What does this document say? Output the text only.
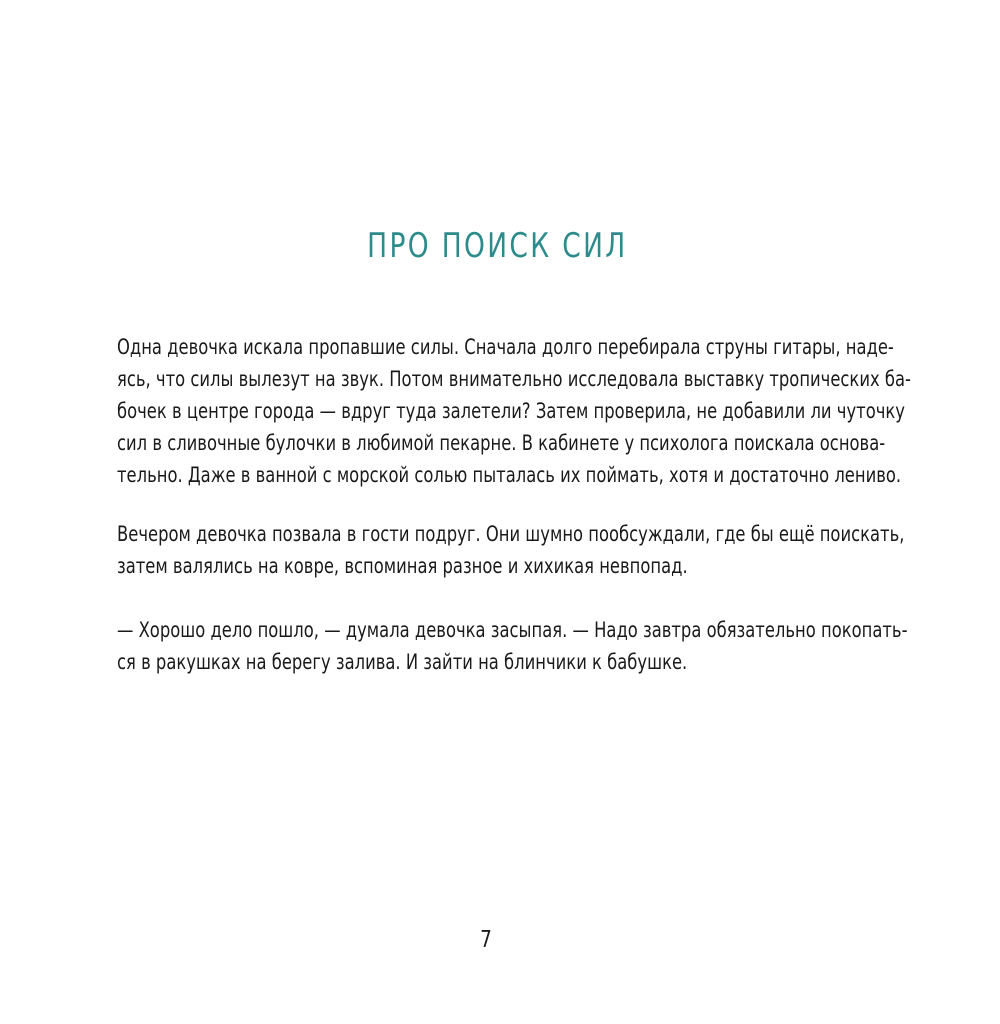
ПРО ПОИСК СИЛ
Одна девочка искала пропавшие силы. Сначала долго перебирала струны гитары, наде-
ясь, что силы вылезут на звук. Потом внимательно исследовала выставку тропических ба-
бочек в центре города — вдруг туда залетели? Затем проверила, не добавили ли чуточку
сил в сливочные булочки в любимой пекарне. В кабинете у психолога поискала основа-
тельно. Даже в ванной с морской солью пыталась их поймать, хотя и достаточно лениво.
Вечером девочка позвала в гости подруг. Они шумно пообсуждали, где бы ещё поискать,
затем валялись на ковре, вспоминая разное и хихикая невпопад.
— Хорошо дело пошло, — думала девочка засыпая. — Надо завтра обязательно покопать-
ся в ракушках на берегу залива. И зайти на блинчики к бабушке.
7
